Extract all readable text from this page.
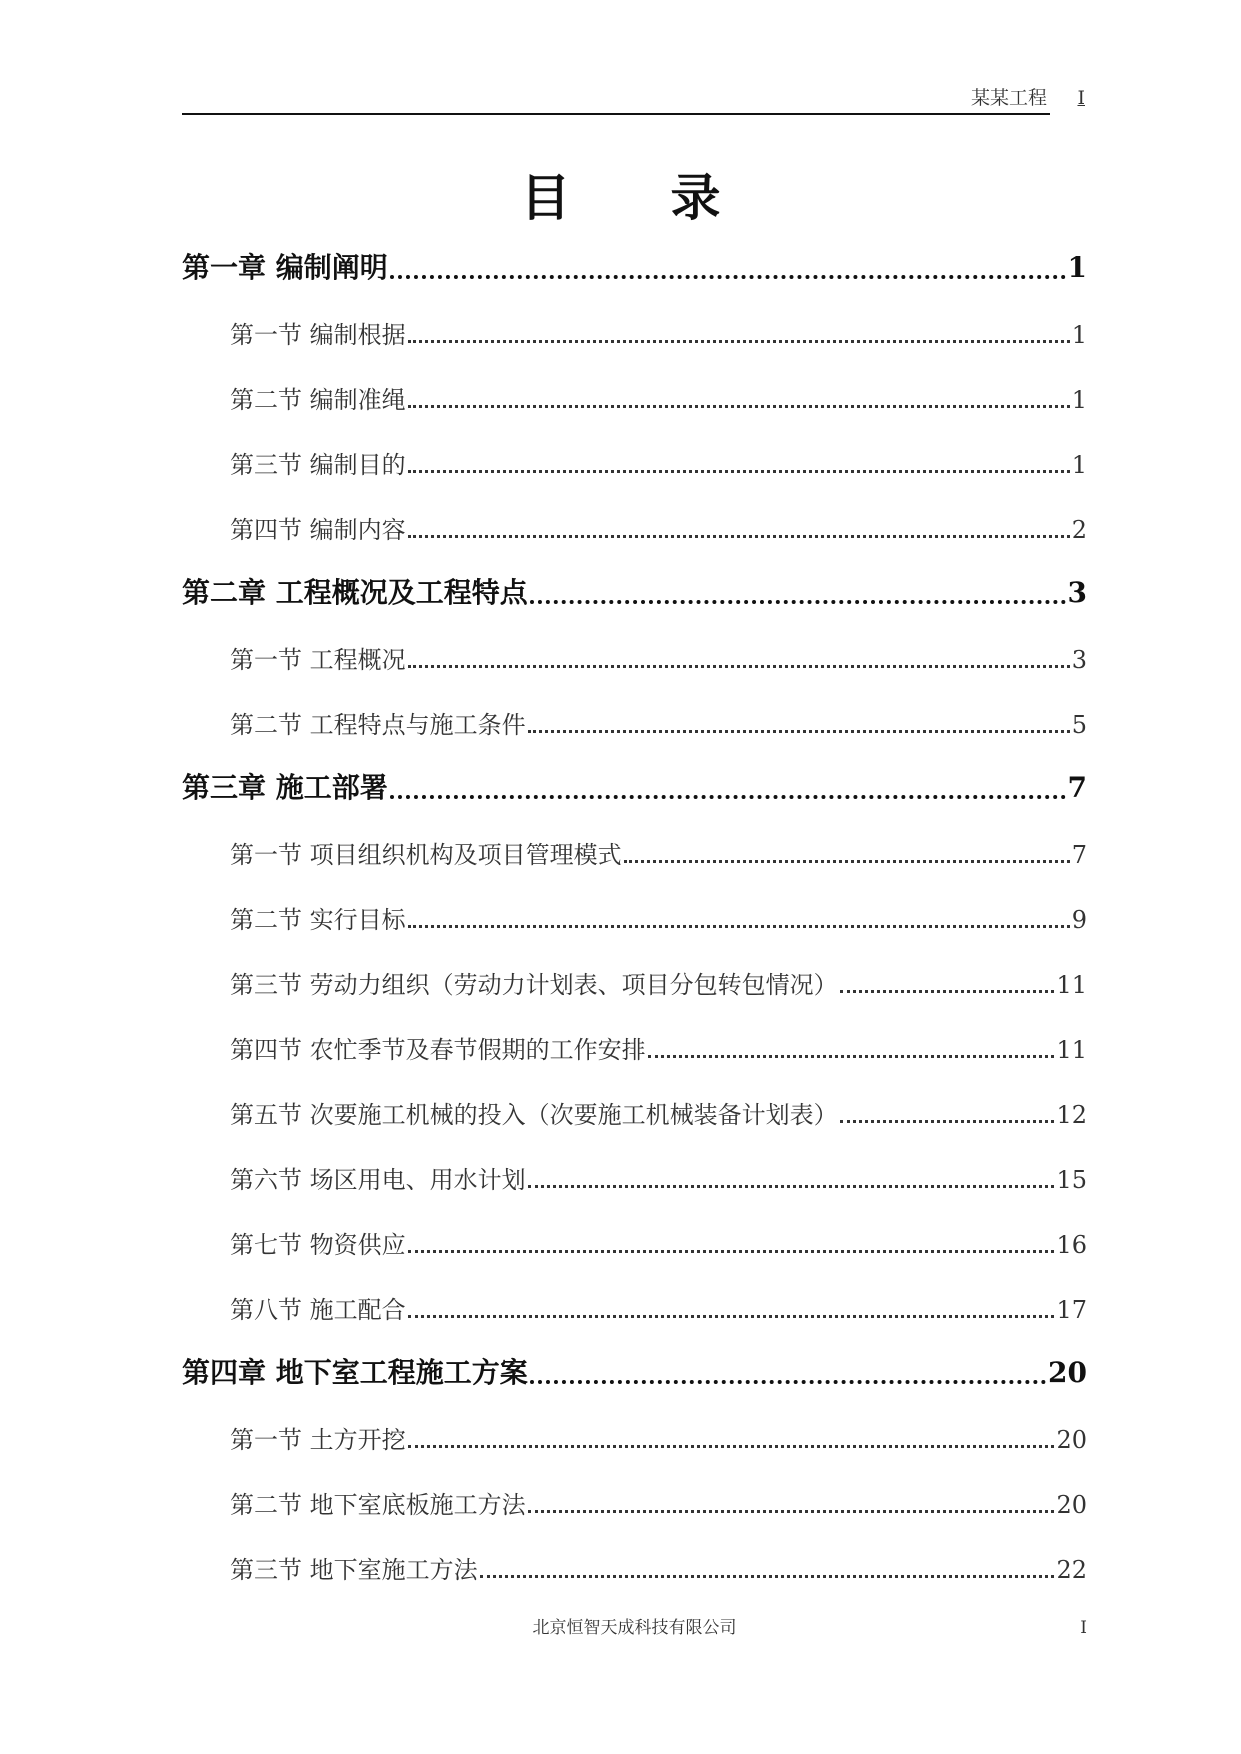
某某工程 I
目录
第一章 编制阐明	1
第一节 编制根据	1
第二节 编制准绳	1
第三节 编制目的	1
第四节 编制内容	2
第二章 工程概况及工程特点	3
第一节 工程概况	3
第二节 工程特点与施工条件	5
第三章 施工部署	7
第一节 项目组织机构及项目管理模式	7
第二节 实行目标	9
第三节 劳动力组织（劳动力计划表、项目分包转包情况）	11
第四节 农忙季节及春节假期的工作安排	11
第五节 次要施工机械的投入（次要施工机械装备计划表）	12
第六节 场区用电、用水计划	15
第七节 物资供应	16
第八节 施工配合	17
第四章 地下室工程施工方案	20
第一节 土方开挖	20
第二节 地下室底板施工方法	20
第三节 地下室施工方法	22
北京恒智天成科技有限公司	I
